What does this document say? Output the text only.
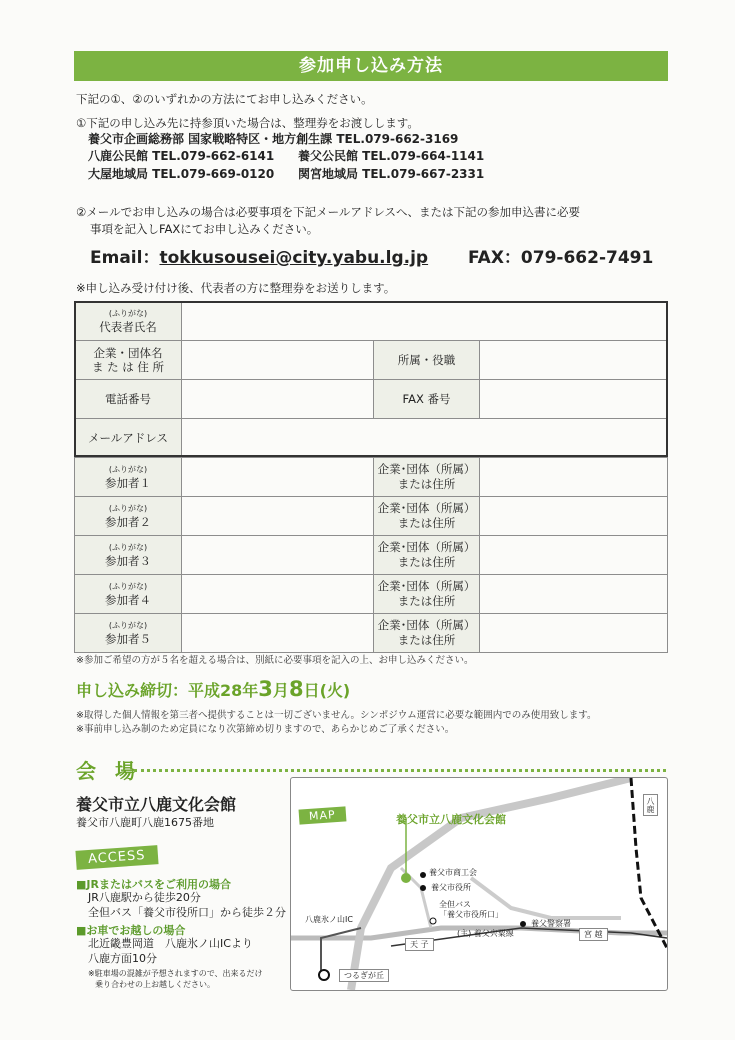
参加申し込み方法
下記の①、②のいずれかの方法にてお申し込みください。
①下記の申し込み先に持参頂いた場合は、整理券をお渡しします。
養父市企画総務部 国家戦略特区・地方創生課 TEL.079-662-3169
八鹿公民館 TEL.079-662-6141 養父公民館 TEL.079-664-1141
大屋地域局 TEL.079-669-0120 関宮地域局 TEL.079-667-2331
②メールでお申し込みの場合は必要事項を下記メールアドレスへ、または下記の参加申込書に必要
事項を記入しFAXにてお申し込みください。
Email：tokkusousei@city.yabu.lg.jp FAX：079-662-7491
※申し込み受け付け後、代表者の方に整理券をお送りします。
(ふりがな)
代表者氏名			

企業・団体名
ま た は 住 所		所属・役職	
電話番号		FAX 番号	
メールアドレス			

(ふりがな)
参加者１		企業･団体（所属）
または住所	

(ふりがな)
参加者２		企業･団体（所属）
または住所	

(ふりがな)
参加者３		企業･団体（所属）
または住所	

(ふりがな)
参加者４		企業･団体（所属）
または住所	

(ふりがな)
参加者５		企業･団体（所属）
または住所	

※参加ご希望の方が５名を超える場合は、別紙に必要事項を記入の上、お申し込みください。
申し込み締切：平成28年3月8日(火)
※取得した個人情報を第三者へ提供することは一切ございません。シンポジウム運営に必要な範囲内でのみ使用致します。
※事前申し込み制のため定員になり次第締め切りますので、あらかじめご了承ください。
会 場
養父市立八鹿文化会館
養父市八鹿町八鹿1675番地
ACCESS
■JRまたはバスをご利用の場合
JR八鹿駅から徒歩20分
全但バス「養父市役所口」から徒歩２分
■お車でお越しの場合
北近畿豊岡道　八鹿氷ノ山ICより
八鹿方面10分
※駐車場の混雑が予想されますので、出来るだけ
乗り合わせの上お越しください。
MAP	養父市立八鹿文化会館
養父市商工会
養父市役所
全但バス
「養父市役所口」
養父警察署
八鹿氷ノ山IC
(主) 養父宍粟線
天 子
つるぎが丘
宮 越
八鹿
